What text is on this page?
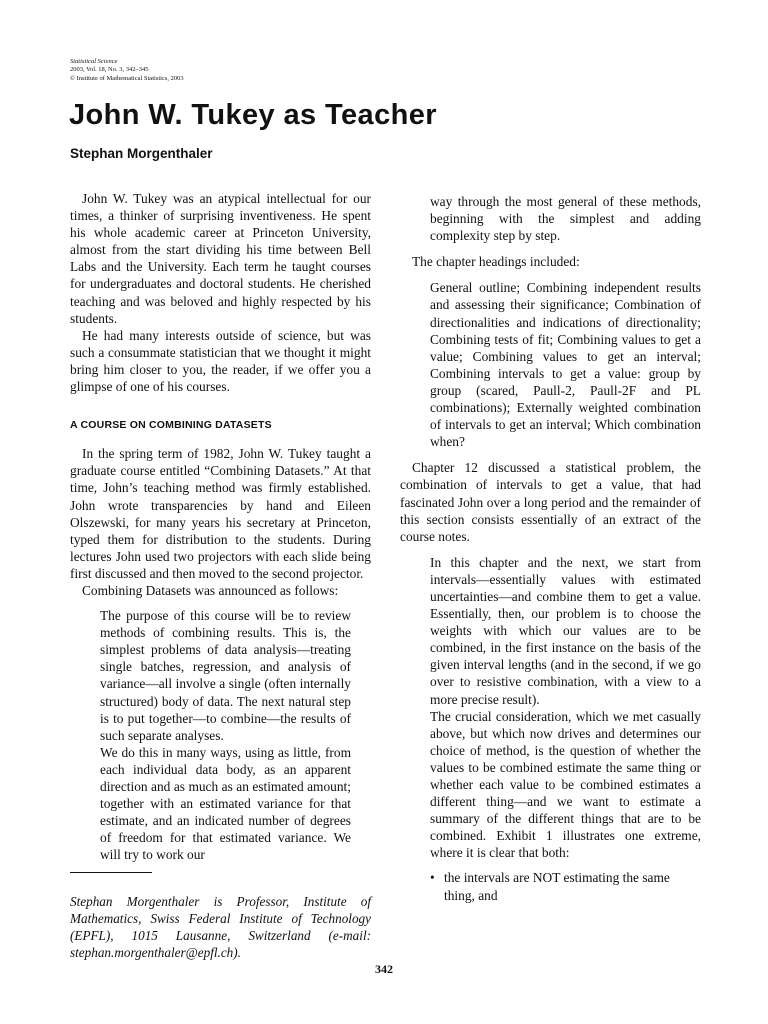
Statistical Science
2003, Vol. 18, No. 3, 342–345
© Institute of Mathematical Statistics, 2003
John W. Tukey as Teacher
Stephan Morgenthaler

John W. Tukey was an atypical intellectual for our times, a thinker of surprising inventiveness. He spent his whole academic career at Princeton University, almost from the start dividing his time between Bell Labs and the University. Each term he taught courses for undergraduates and doctoral students. He cherished teaching and was beloved and highly respected by his students.

He had many interests outside of science, but was such a consummate statistician that we thought it might bring him closer to you, the reader, if we offer you a glimpse of one of his courses.

A COURSE ON COMBINING DATASETS

In the spring term of 1982, John W. Tukey taught a graduate course entitled “Combining Datasets.” At that time, John’s teaching method was firmly established. John wrote transparencies by hand and Eileen Olszewski, for many years his secretary at Princeton, typed them for distribution to the students. During lectures John used two projectors with each slide being first discussed and then moved to the second projector.

Combining Datasets was announced as follows:

The purpose of this course will be to review methods of combining results. This is, the simplest problems of data analysis—treating single batches, regression, and analysis of variance—all involve a single (often internally structured) body of data. The next natural step is to put together—to combine—the results of such separate analyses.

We do this in many ways, using as little, from each individual data body, as an apparent direction and as much as an estimated amount; together with an estimated variance for that estimate, and an indicated number of degrees of freedom for that estimated variance. We will try to work our

Stephan Morgenthaler is Professor, Institute of Mathematics, Swiss Federal Institute of Technology (EPFL), 1015 Lausanne, Switzerland (e-mail: stephan.morgenthaler@epfl.ch).

way through the most general of these methods, beginning with the simplest and adding complexity step by step.

The chapter headings included:

General outline; Combining independent results and assessing their significance; Combination of directionalities and indications of directionality; Combining tests of fit; Combining values to get a value; Combining values to get an interval; Combining intervals to get a value: group by group (scared, Paull-2, Paull-2F and PL combinations); Externally weighted combination of intervals to get an interval; Which combination when?

Chapter 12 discussed a statistical problem, the combination of intervals to get a value, that had fascinated John over a long period and the remainder of this section consists essentially of an extract of the course notes.

In this chapter and the next, we start from intervals—essentially values with estimated uncertainties—and combine them to get a value. Essentially, then, our problem is to choose the weights with which our values are to be combined, in the first instance on the basis of the given interval lengths (and in the second, if we go over to resistive combination, with a view to a more precise result).

The crucial consideration, which we met casually above, but which now drives and determines our choice of method, is the question of whether the values to be combined estimate the same thing or whether each value to be combined estimates a different thing—and we want to estimate a summary of the different things that are to be combined. Exhibit 1 illustrates one extreme, where it is clear that both:

• the intervals are NOT estimating the same thing, and
342
